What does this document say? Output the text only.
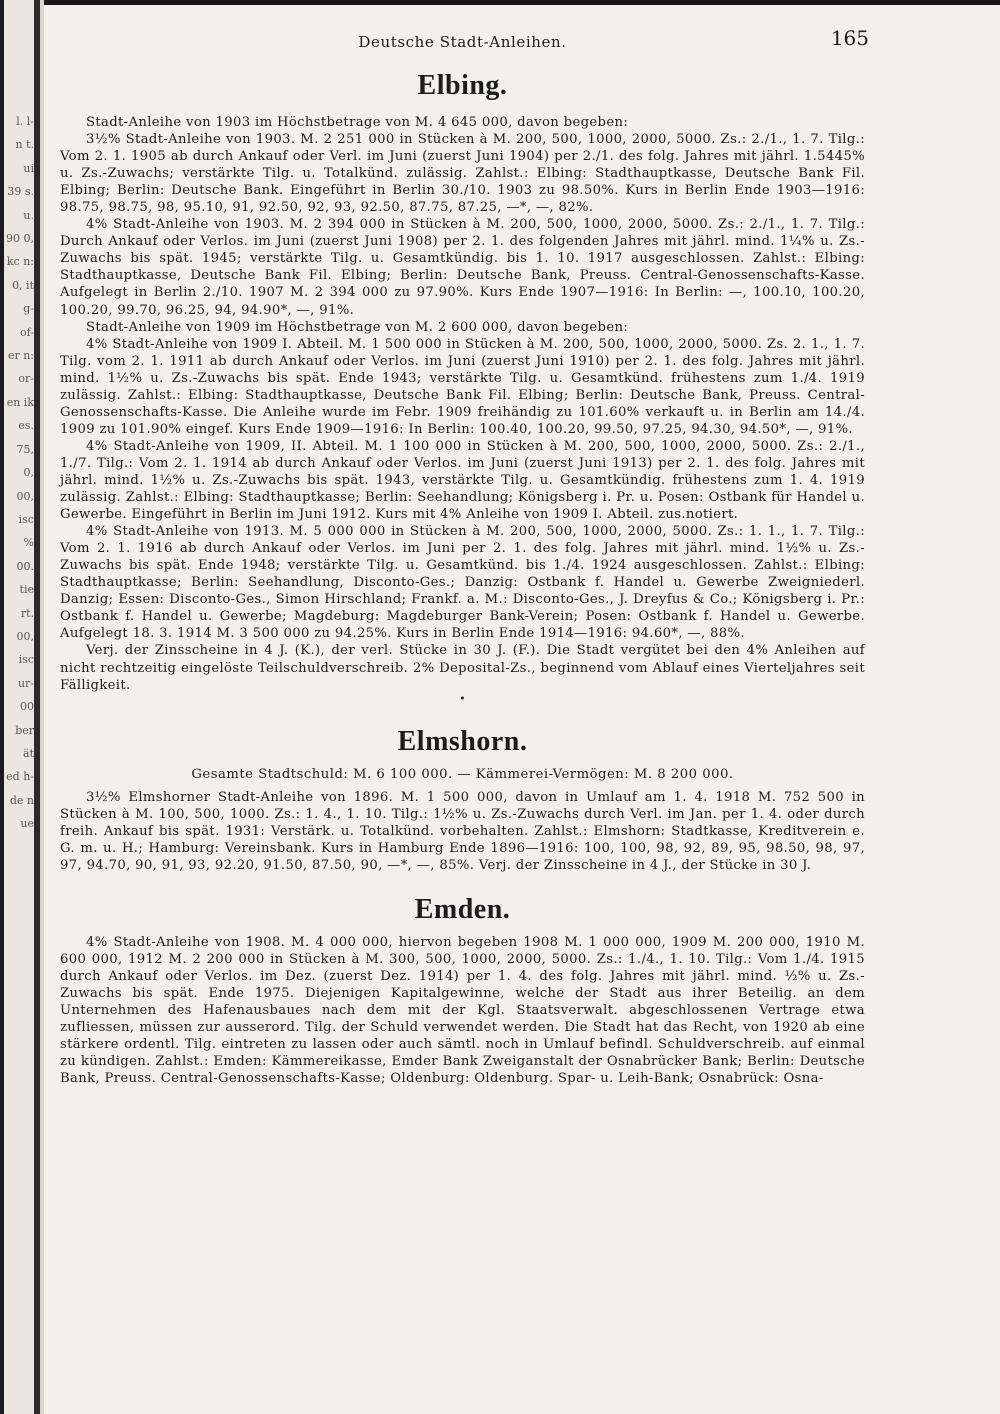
l. l- n t. ui 39 s. u. 90 0, kc n: 0, it g- of- er n: or- en ik es. 75, 0, 00, isc % 00. tie rt. 00, isc ur- 00 ber ät ed h- de n ue
Deutsche Stadt-Anleihen.	165
Elbing.

Stadt-Anleihe von 1903 im Höchstbetrage von M. 4 645 000, davon begeben:

3½% Stadt-Anleihe von 1903. M. 2 251 000 in Stücken à M. 200, 500, 1000, 2000, 5000. Zs.: 2./1., 1. 7. Tilg.: Vom 2. 1. 1905 ab durch Ankauf oder Verl. im Juni (zuerst Juni 1904) per 2./1. des folg. Jahres mit jährl. 1.5445% u. Zs.-Zuwachs; verstärkte Tilg. u. Totalkünd. zulässig. Zahlst.: Elbing: Stadthauptkasse, Deutsche Bank Fil. Elbing; Berlin: Deutsche Bank. Eingeführt in Berlin 30./10. 1903 zu 98.50%. Kurs in Berlin Ende 1903—1916: 98.75, 98.75, 98, 95.10, 91, 92.50, 92, 93, 92.50, 87.75, 87.25, —*, —, 82%.

4% Stadt-Anleihe von 1903. M. 2 394 000 in Stücken à M. 200, 500, 1000, 2000, 5000. Zs.: 2./1., 1. 7. Tilg.: Durch Ankauf oder Verlos. im Juni (zuerst Juni 1908) per 2. 1. des folgenden Jahres mit jährl. mind. 1¼% u. Zs.-Zuwachs bis spät. 1945; verstärkte Tilg. u. Gesamtkündig. bis 1. 10. 1917 ausgeschlossen. Zahlst.: Elbing: Stadthauptkasse, Deutsche Bank Fil. Elbing; Berlin: Deutsche Bank, Preuss. Central-Genossenschafts-Kasse. Aufgelegt in Berlin 2./10. 1907 M. 2 394 000 zu 97.90%. Kurs Ende 1907—1916: In Berlin: —, 100.10, 100.20, 100.20, 99.70, 96.25, 94, 94.90*, —, 91%.

Stadt-Anleihe von 1909 im Höchstbetrage von M. 2 600 000, davon begeben:

4% Stadt-Anleihe von 1909 I. Abteil. M. 1 500 000 in Stücken à M. 200, 500, 1000, 2000, 5000. Zs. 2. 1., 1. 7. Tilg. vom 2. 1. 1911 ab durch Ankauf oder Verlos. im Juni (zuerst Juni 1910) per 2. 1. des folg. Jahres mit jährl. mind. 1½% u. Zs.-Zuwachs bis spät. Ende 1943; verstärkte Tilg. u. Gesamtkünd. frühestens zum 1./4. 1919 zulässig. Zahlst.: Elbing: Stadthauptkasse, Deutsche Bank Fil. Elbing; Berlin: Deutsche Bank, Preuss. Central-Genossenschafts-Kasse. Die Anleihe wurde im Febr. 1909 freihändig zu 101.60% verkauft u. in Berlin am 14./4. 1909 zu 101.90% eingef. Kurs Ende 1909—1916: In Berlin: 100.40, 100.20, 99.50, 97.25, 94.30, 94.50*, —, 91%.

4% Stadt-Anleihe von 1909, II. Abteil. M. 1 100 000 in Stücken à M. 200, 500, 1000, 2000, 5000. Zs.: 2./1., 1./7. Tilg.: Vom 2. 1. 1914 ab durch Ankauf oder Verlos. im Juni (zuerst Juni 1913) per 2. 1. des folg. Jahres mit jährl. mind. 1½% u. Zs.-Zuwachs bis spät. 1943, verstärkte Tilg. u. Gesamtkündig. frühestens zum 1. 4. 1919 zulässig. Zahlst.: Elbing: Stadthauptkasse; Berlin: Seehandlung; Königsberg i. Pr. u. Posen: Ostbank für Handel u. Gewerbe. Eingeführt in Berlin im Juni 1912. Kurs mit 4% Anleihe von 1909 I. Abteil. zus.notiert.

4% Stadt-Anleihe von 1913. M. 5 000 000 in Stücken à M. 200, 500, 1000, 2000, 5000. Zs.: 1. 1., 1. 7. Tilg.: Vom 2. 1. 1916 ab durch Ankauf oder Verlos. im Juni per 2. 1. des folg. Jahres mit jährl. mind. 1½% u. Zs.-Zuwachs bis spät. Ende 1948; verstärkte Tilg. u. Gesamtkünd. bis 1./4. 1924 ausgeschlossen. Zahlst.: Elbing: Stadthauptkasse; Berlin: Seehandlung, Disconto-Ges.; Danzig: Ostbank f. Handel u. Gewerbe Zweigniederl. Danzig; Essen: Disconto-Ges., Simon Hirschland; Frankf. a. M.: Disconto-Ges., J. Dreyfus & Co.; Königsberg i. Pr.: Ostbank f. Handel u. Gewerbe; Magdeburg: Magdeburger Bank-Verein; Posen: Ostbank f. Handel u. Gewerbe. Aufgelegt 18. 3. 1914 M. 3 500 000 zu 94.25%. Kurs in Berlin Ende 1914—1916: 94.60*, —, 88%.

Verj. der Zinsscheine in 4 J. (K.), der verl. Stücke in 30 J. (F.). Die Stadt vergütet bei den 4% Anleihen auf nicht rechtzeitig eingelöste Teilschuldverschreib. 2% Deposital-Zs., beginnend vom Ablauf eines Vierteljahres seit Fälligkeit.

•
Elmshorn.
Gesamte Stadtschuld: M. 6 100 000. — Kämmerei-Vermögen: M. 8 200 000.

3½% Elmshorner Stadt-Anleihe von 1896. M. 1 500 000, davon in Umlauf am 1. 4. 1918 M. 752 500 in Stücken à M. 100, 500, 1000. Zs.: 1. 4., 1. 10. Tilg.: 1½% u. Zs.-Zuwachs durch Verl. im Jan. per 1. 4. oder durch freih. Ankauf bis spät. 1931: Verstärk. u. Totalkünd. vorbehalten. Zahlst.: Elmshorn: Stadtkasse, Kreditverein e. G. m. u. H.; Hamburg: Vereinsbank. Kurs in Hamburg Ende 1896—1916: 100, 100, 98, 92, 89, 95, 98.50, 98, 97, 97, 94.70, 90, 91, 93, 92.20, 91.50, 87.50, 90, —*, —, 85%. Verj. der Zinsscheine in 4 J., der Stücke in 30 J.

Emden.

4% Stadt-Anleihe von 1908. M. 4 000 000, hiervon begeben 1908 M. 1 000 000, 1909 M. 200 000, 1910 M. 600 000, 1912 M. 2 200 000 in Stücken à M. 300, 500, 1000, 2000, 5000. Zs.: 1./4., 1. 10. Tilg.: Vom 1./4. 1915 durch Ankauf oder Verlos. im Dez. (zuerst Dez. 1914) per 1. 4. des folg. Jahres mit jährl. mind. ½% u. Zs.-Zuwachs bis spät. Ende 1975. Diejenigen Kapitalgewinne, welche der Stadt aus ihrer Beteilig. an dem Unternehmen des Hafenausbaues nach dem mit der Kgl. Staatsverwalt. abgeschlossenen Vertrage etwa zufliessen, müssen zur ausserord. Tilg. der Schuld verwendet werden. Die Stadt hat das Recht, von 1920 ab eine stärkere ordentl. Tilg. eintreten zu lassen oder auch sämtl. noch in Umlauf befindl. Schuldverschreib. auf einmal zu kündigen. Zahlst.: Emden: Kämmereikasse, Emder Bank Zweiganstalt der Osnabrücker Bank; Berlin: Deutsche Bank, Preuss. Central-Genossenschafts-Kasse; Oldenburg: Oldenburg. Spar- u. Leih-Bank; Osnabrück: Osna-
